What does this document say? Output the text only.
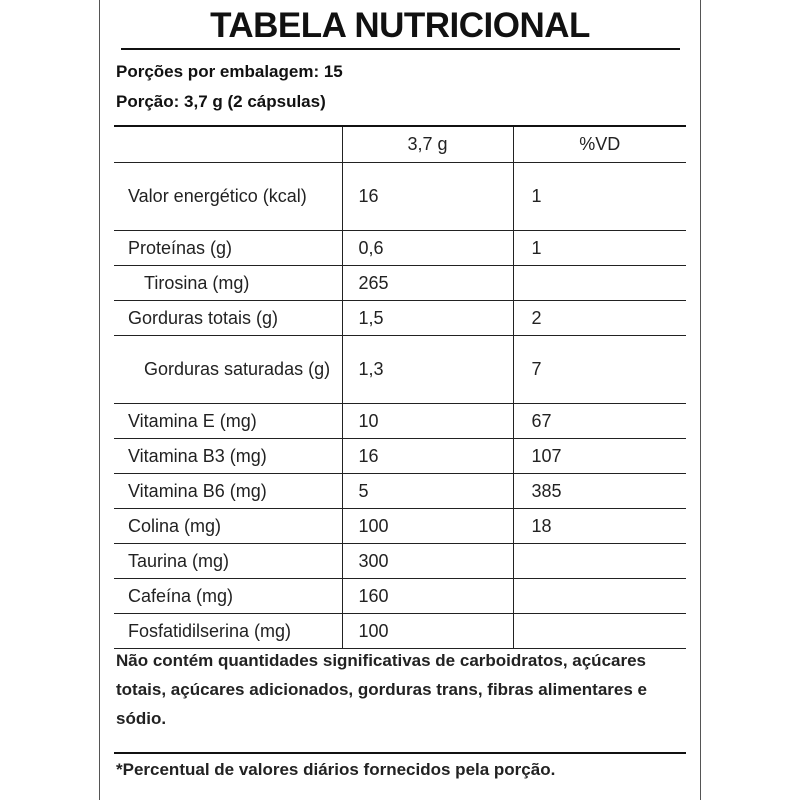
TABELA NUTRICIONAL
Porções por embalagem: 15
Porção: 3,7 g (2 cápsulas)
	3,7 g	%VD
Valor energético (kcal)	16	1
Proteínas (g)	0,6	1
Tirosina (mg)	265	
Gorduras totais (g)	1,5	2
Gorduras saturadas (g)	1,3	7
Vitamina E (mg)	10	67
Vitamina B3 (mg)	16	107
Vitamina B6 (mg)	5	385
Colina (mg)	100	18
Taurina (mg)	300	
Cafeína (mg)	160	
Fosfatidilserina (mg)	100	
Não contém quantidades significativas de carboidratos, açúcares totais, açúcares adicionados, gorduras trans, fibras alimentares e sódio.
*Percentual de valores diários fornecidos pela porção.
